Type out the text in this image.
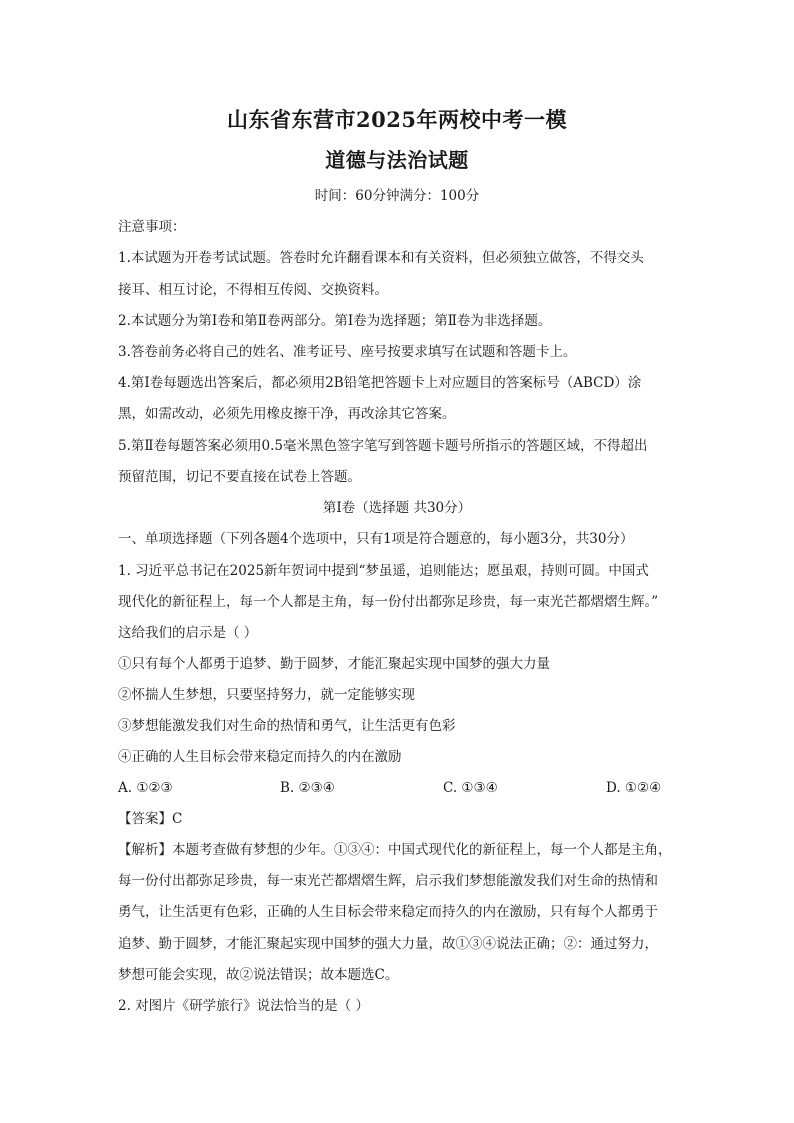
山东省东营市2025年两校中考一模
道德与法治试题
时间：60分钟满分：100分
注意事项：
1.本试题为开卷考试试题。答卷时允许翻看课本和有关资料，但必须独立做答，不得交头
接耳、相互讨论，不得相互传阅、交换资料。
2.本试题分为第Ⅰ卷和第Ⅱ卷两部分。第Ⅰ卷为选择题；第Ⅱ卷为非选择题。
3.答卷前务必将自己的姓名、准考证号、座号按要求填写在试题和答题卡上。
4.第Ⅰ卷每题选出答案后，都必须用2B铅笔把答题卡上对应题目的答案标号（ABCD）涂
黑，如需改动，必须先用橡皮擦干净，再改涂其它答案。
5.第Ⅱ卷每题答案必须用0.5毫米黑色签字笔写到答题卡题号所指示的答题区域，不得超出
预留范围，切记不要直接在试卷上答题。
第Ⅰ卷（选择题 共30分）
一、单项选择题（下列各题4个选项中，只有1项是符合题意的，每小题3分，共30分）
1. 习近平总书记在2025新年贺词中提到“梦虽遥，追则能达；愿虽艰，持则可圆。中国式
现代化的新征程上，每一个人都是主角，每一份付出都弥足珍贵，每一束光芒都熠熠生辉。”
这给我们的启示是（ ）
①只有每个人都勇于追梦、勤于圆梦，才能汇聚起实现中国梦的强大力量
②怀揣人生梦想，只要坚持努力，就一定能够实现
③梦想能激发我们对生命的热情和勇气，让生活更有色彩
④正确的人生目标会带来稳定而持久的内在激励
A. ①②③	B. ②③④	C. ①③④	D. ①②④
【答案】C
【解析】本题考查做有梦想的少年。①③④：中国式现代化的新征程上，每一个人都是主角，
每一份付出都弥足珍贵，每一束光芒都熠熠生辉，启示我们梦想能激发我们对生命的热情和
勇气，让生活更有色彩，正确的人生目标会带来稳定而持久的内在激励，只有每个人都勇于
追梦、勤于圆梦，才能汇聚起实现中国梦的强大力量，故①③④说法正确；②：通过努力，
梦想可能会实现，故②说法错误；故本题选C。
2. 对图片《研学旅行》说法恰当的是（ ）
